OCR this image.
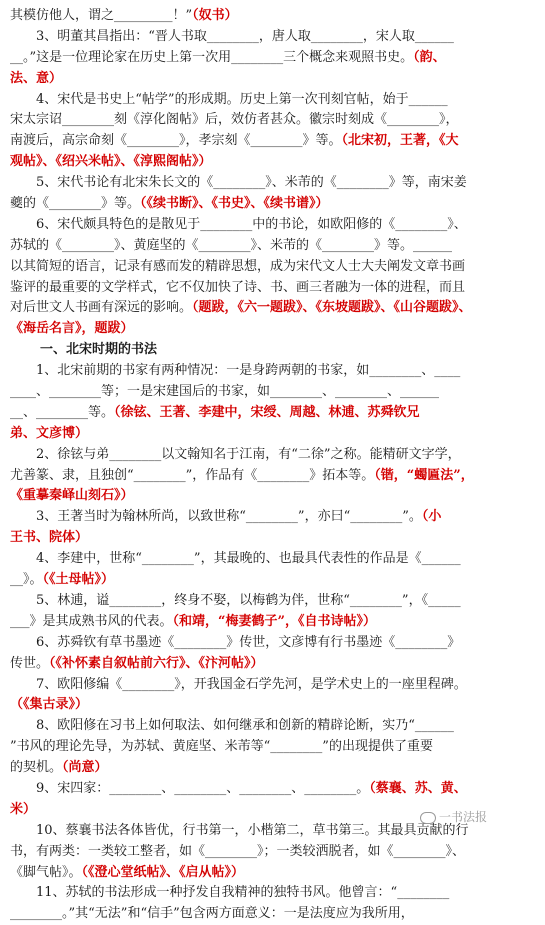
其模仿他人，谓之_________！”（奴书）
3、明董其昌指出：“晋人书取________，唐人取________，宋人取______
__。”这是一位理论家在历史上第一次用________三个概念来观照书史。（韵、
法、意）
4、宋代是书史上“帖学”的形成期。历史上第一次刊刻官帖，始于______
宋太宗诏________刻《淳化阁帖》后，效仿者甚众。徽宗时刻成《________》，
南渡后，高宗命刻《________》，孝宗刻《________》等。（北宋初，王著，《大
观帖》、《绍兴米帖》、《淳熙阁帖》）
5、宋代书论有北宋朱长文的《________》、米芾的《________》等，南宋姜
夔的《________》等。（《续书断》、《书史》、《续书谱》）
6、宋代颇具特色的是散见于________中的书论，如欧阳修的《________》、
苏轼的《________》、黄庭坚的《________》、米芾的《________》等。______
以其简短的语言，记录有感而发的精辟思想，成为宋代文人士大夫阐发文章书画
鉴评的最重要的文学样式，它不仅加快了诗、书、画三者融为一体的进程，而且
对后世文人书画有深远的影响。（题跋，《六一题跋》、《东坡题跋》、《山谷题跋》、
《海岳名言》，题跋）
一、北宋时期的书法
1、北宋前期的书家有两种情况：一是身跨两朝的书家，如________、____
____、________等；一是宋建国后的书家，如________、________、______
__、________等。（徐铉、王著、李建中，宋绶、周越、林逋、苏舜钦兄
弟、文彦博）
2、徐铉与弟________以文翰知名于江南，有“二徐”之称。能精研文字学，
尤善篆、隶，且独创“________”，作品有《________》拓本等。（锴，“蠋匾法”，
《重摹秦峄山刻石》）
3、王著当时为翰林所尚，以致世称“________”，亦曰“________”。（小
王书、院体）
4、李建中，世称“________”，其最晚的、也最具代表性的作品是《______
__》。（《土母帖》）
5、林逋，谥________，终身不娶，以梅鹤为伴，世称“________”，《_____
___》是其成熟书风的代表。（和靖，“梅妻鹤子”，《自书诗帖》）
6、苏舜钦有草书墨迹《________》传世，文彦博有行书墨迹《________》
传世。（《补怀素自叙帖前六行》、《汴河帖》）
7、欧阳修编《________》，开我国金石学先河，是学术史上的一座里程碑。
（《集古录》）
8、欧阳修在习书上如何取法、如何继承和创新的精辟论断，实乃“______
”书风的理论先导，为苏轼、黄庭坚、米芾等“________”的出现提供了重要
的契机。（尚意）
9、宋四家：________、________、________、________。（蔡襄、苏、黄、
米）
10、蔡襄书法各体皆优，行书第一，小楷第二，草书第三。其最具贡献的行
书，有两类：一类较工整者，如《________》；一类较洒脱者，如《________》、
《脚气帖》。（《澄心堂纸帖》、《启从帖》）
11、苏轼的书法形成一种抒发自我精神的独特书风。他曾言：“________
________。”其“无法”和“信手”包含两方面意义：一是法度应为我所用，
一书法报
